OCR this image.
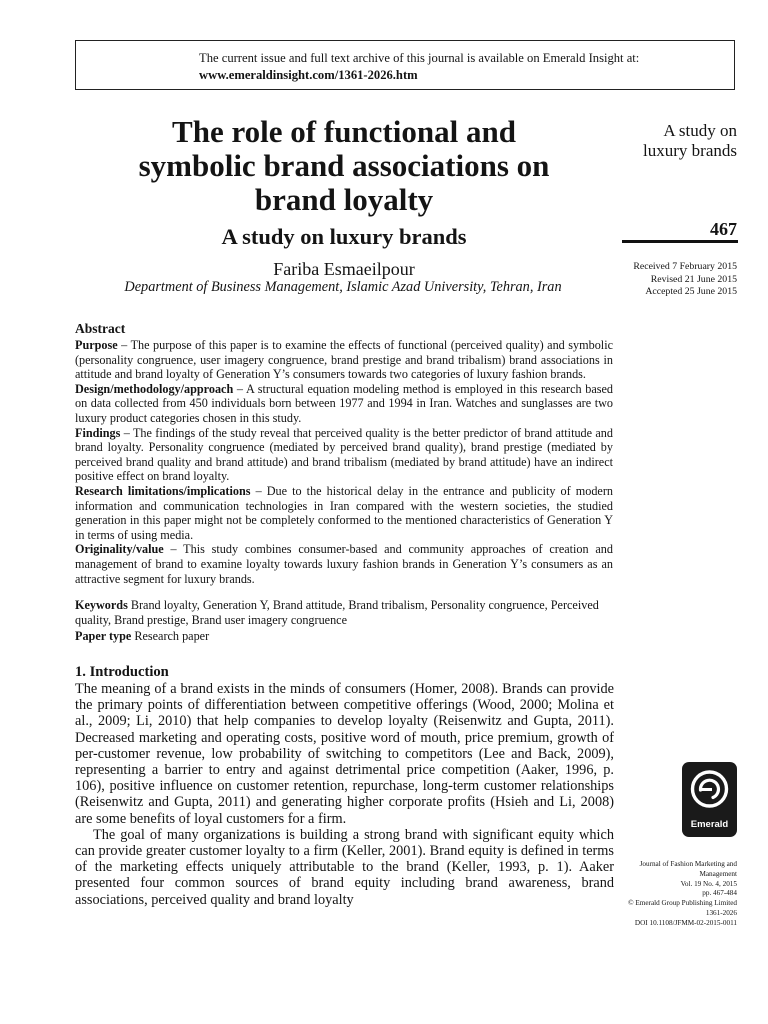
The current issue and full text archive of this journal is available on Emerald Insight at:
www.emeraldinsight.com/1361-2026.htm
The role of functional and
symbolic brand associations on
brand loyalty
A study on luxury brands
Fariba Esmaeilpour
Department of Business Management, Islamic Azad University, Tehran, Iran
A study on
luxury brands
467
Received 7 February 2015
Revised 21 June 2015
Accepted 25 June 2015
Abstract

Purpose – The purpose of this paper is to examine the effects of functional (perceived quality) and symbolic (personality congruence, user imagery congruence, brand prestige and brand tribalism) brand associations in attitude and brand loyalty of Generation Y’s consumers towards two categories of luxury fashion brands.

Design/methodology/approach – A structural equation modeling method is employed in this research based on data collected from 450 individuals born between 1977 and 1994 in Iran. Watches and sunglasses are two luxury product categories chosen in this study.

Findings – The findings of the study reveal that perceived quality is the better predictor of brand attitude and brand loyalty. Personality congruence (mediated by perceived brand quality), brand prestige (mediated by perceived brand quality and brand attitude) and brand tribalism (mediated by brand attitude) have an indirect positive effect on brand loyalty.

Research limitations/implications – Due to the historical delay in the entrance and publicity of modern information and communication technologies in Iran compared with the western societies, the studied generation in this paper might not be completely conformed to the mentioned characteristics of Generation Y in terms of using media.

Originality/value – This study combines consumer-based and community approaches of creation and management of brand to examine loyalty towards luxury fashion brands in Generation Y’s consumers as an attractive segment for luxury brands.

Keywords Brand loyalty, Generation Y, Brand attitude, Brand tribalism, Personality congruence, Perceived quality, Brand prestige, Brand user imagery congruence

Paper type Research paper
1. Introduction

The meaning of a brand exists in the minds of consumers (Homer, 2008). Brands can provide the primary points of differentiation between competitive offerings (Wood, 2000; Molina et al., 2009; Li, 2010) that help companies to develop loyalty (Reisenwitz and Gupta, 2011). Decreased marketing and operating costs, positive word of mouth, price premium, growth of per-customer revenue, low probability of switching to competitors (Lee and Back, 2009), representing a barrier to entry and against detrimental price competition (Aaker, 1996, p. 106), positive influence on customer retention, repurchase, long-term customer relationships (Reisenwitz and Gupta, 2011) and generating higher corporate profits (Hsieh and Li, 2008) are some benefits of loyal customers for a firm.

The goal of many organizations is building a strong brand with significant equity which can provide greater customer loyalty to a firm (Keller, 2001). Brand equity is defined in terms of the marketing effects uniquely attributable to the brand (Keller, 1993, p. 1). Aaker presented four common sources of brand equity including brand awareness, brand associations, perceived quality and brand loyalty

Emerald
Journal of Fashion Marketing and
Management
Vol. 19 No. 4, 2015
pp. 467-484
© Emerald Group Publishing Limited
1361-2026
DOI 10.1108/JFMM-02-2015-0011
